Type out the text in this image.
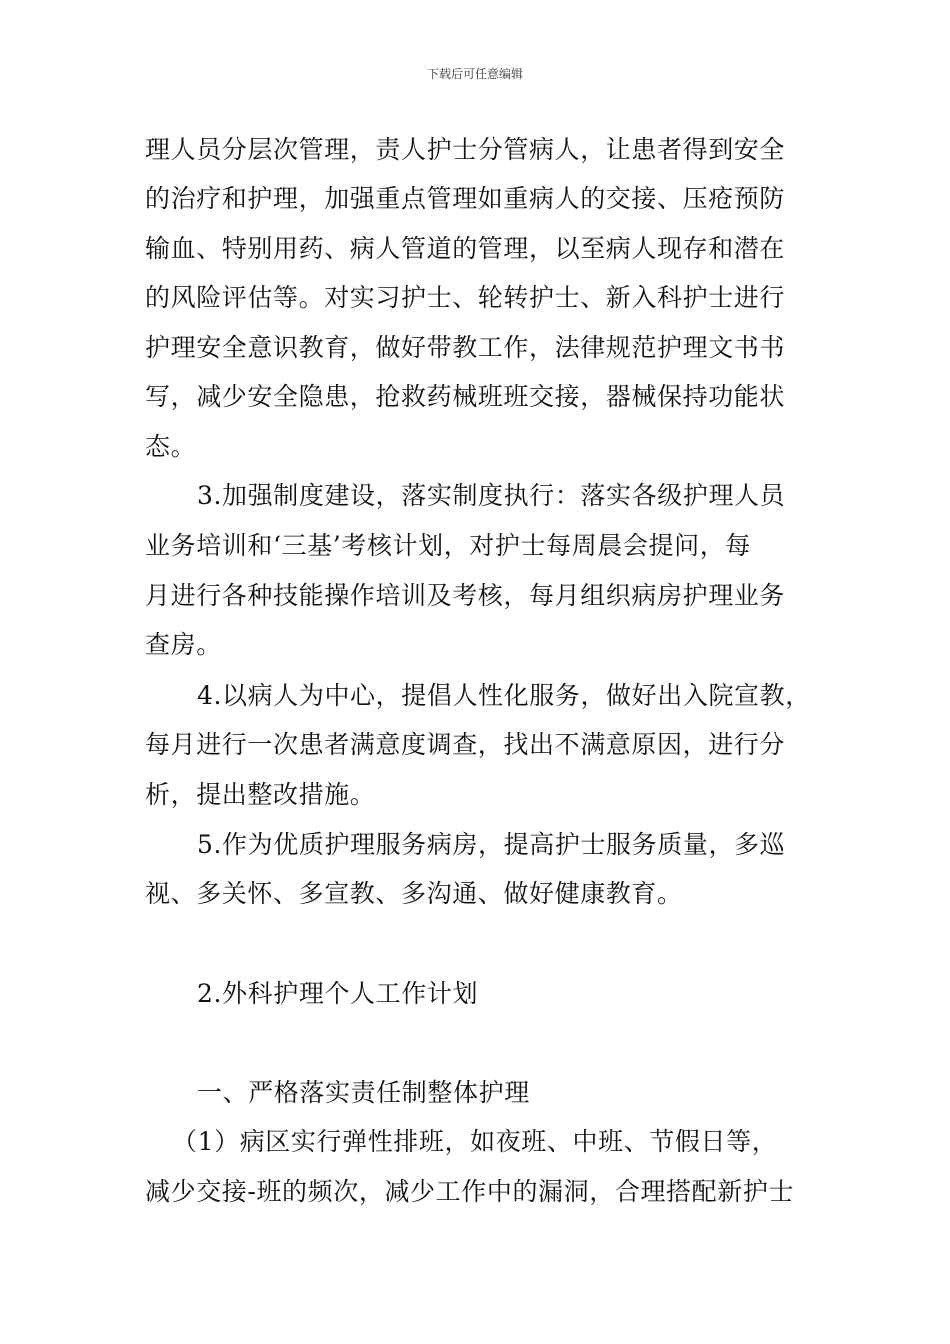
下载后可任意编辑
理人员分层次管理，责人护士分管病人，让患者得到安全
的治疗和护理，加强重点管理如重病人的交接、压疮预防
输血、特别用药、病人管道的管理，以至病人现存和潜在
的风险评估等。对实习护士、轮转护士、新入科护士进行
护理安全意识教育，做好带教工作，法律规范护理文书书
写，减少安全隐患，抢救药械班班交接，器械保持功能状
态。
3.加强制度建设，落实制度执行：落实各级护理人员
业务培训和‘三基’考核计划，对护士每周晨会提问，每
月进行各种技能操作培训及考核，每月组织病房护理业务
查房。
4.以病人为中心，提倡人性化服务，做好出入院宣教，
每月进行一次患者满意度调查，找出不满意原因，进行分
析，提出整改措施。
5.作为优质护理服务病房，提高护士服务质量，多巡
视、多关怀、多宣教、多沟通、做好健康教育。
2.外科护理个人工作计划
一、严格落实责任制整体护理
（1）病区实行弹性排班，如夜班、中班、节假日等，
减少交接-班的频次，减少工作中的漏洞，合理搭配新护士
